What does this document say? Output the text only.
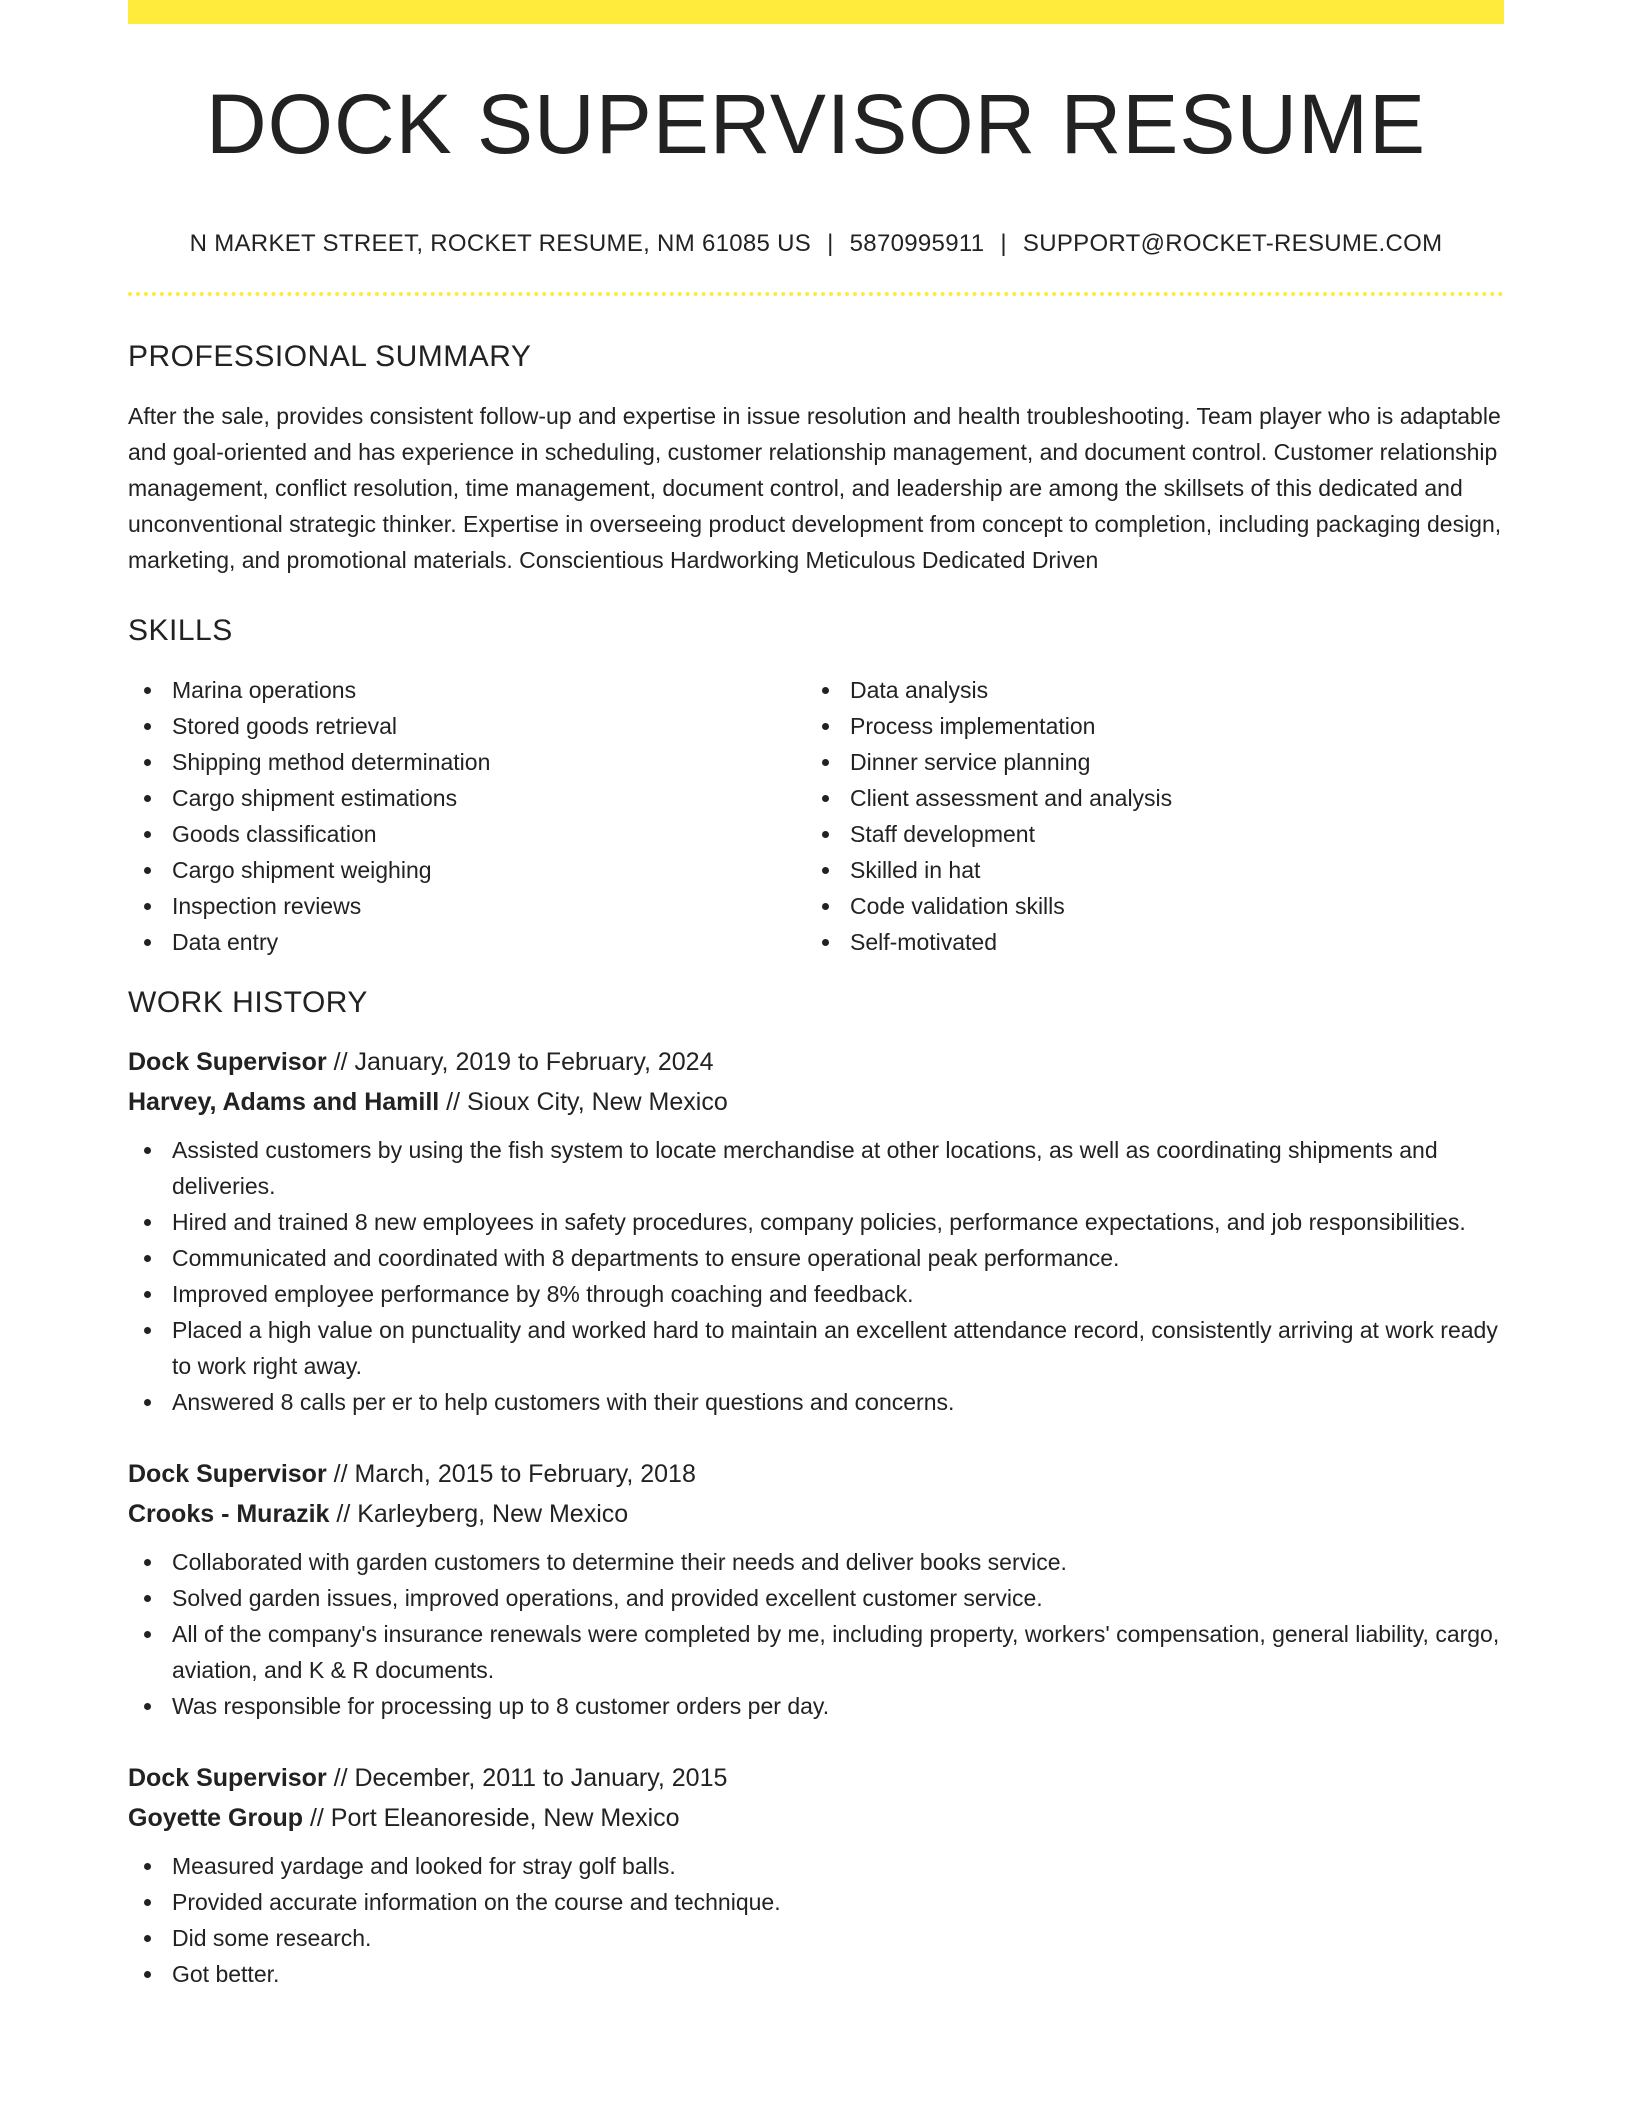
DOCK SUPERVISOR RESUME
N MARKET STREET, ROCKET RESUME, NM 61085 US | 5870995911 | SUPPORT@ROCKET-RESUME.COM
PROFESSIONAL SUMMARY

After the sale, provides consistent follow-up and expertise in issue resolution and health troubleshooting. Team player who is adaptable and goal-oriented and has experience in scheduling, customer relationship management, and document control. Customer relationship management, conflict resolution, time management, document control, and leadership are among the skillsets of this dedicated and unconventional strategic thinker. Expertise in overseeing product development from concept to completion, including packaging design, marketing, and promotional materials. Conscientious Hardworking Meticulous Dedicated Driven

SKILLS
Marina operations
Stored goods retrieval
Shipping method determination
Cargo shipment estimations
Goods classification
Cargo shipment weighing
Inspection reviews
Data entry
Data analysis
Process implementation
Dinner service planning
Client assessment and analysis
Staff development
Skilled in hat
Code validation skills
Self-motivated
WORK HISTORY
Dock Supervisor // January, 2019 to February, 2024
Harvey, Adams and Hamill // Sioux City, New Mexico
Assisted customers by using the fish system to locate merchandise at other locations, as well as coordinating shipments and deliveries.
Hired and trained 8 new employees in safety procedures, company policies, performance expectations, and job responsibilities.
Communicated and coordinated with 8 departments to ensure operational peak performance.
Improved employee performance by 8% through coaching and feedback.
Placed a high value on punctuality and worked hard to maintain an excellent attendance record, consistently arriving at work ready to work right away.
Answered 8 calls per er to help customers with their questions and concerns.
Dock Supervisor // March, 2015 to February, 2018
Crooks - Murazik // Karleyberg, New Mexico
Collaborated with garden customers to determine their needs and deliver books service.
Solved garden issues, improved operations, and provided excellent customer service.
All of the company's insurance renewals were completed by me, including property, workers' compensation, general liability, cargo, aviation, and K & R documents.
Was responsible for processing up to 8 customer orders per day.
Dock Supervisor // December, 2011 to January, 2015
Goyette Group // Port Eleanoreside, New Mexico
Measured yardage and looked for stray golf balls.
Provided accurate information on the course and technique.
Did some research.
Got better.
